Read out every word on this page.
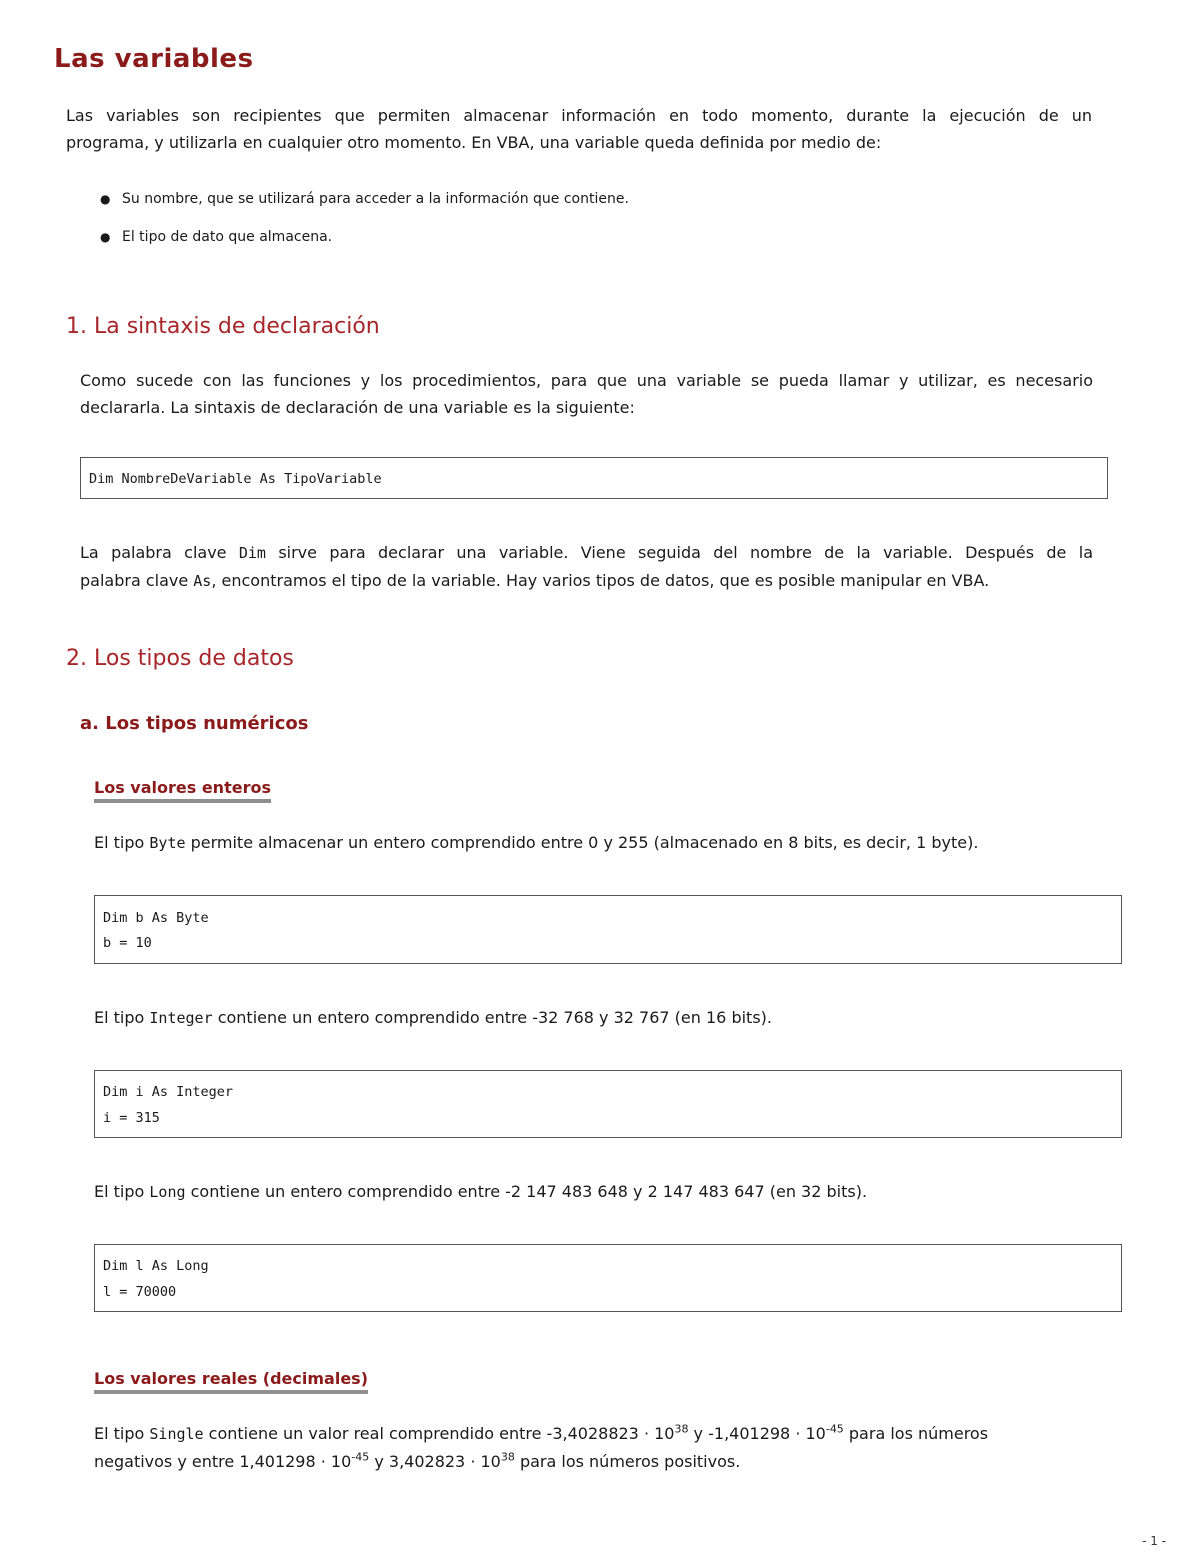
Las variables

Las variables son recipientes que permiten almacenar información en todo momento, durante la ejecución de un

programa, y utilizarla en cualquier otro momento. En VBA, una variable queda definida por medio de:

● Su nombre, que se utilizará para acceder a la información que contiene.
● El tipo de dato que almacena.
1. La sintaxis de declaración

Como sucede con las funciones y los procedimientos, para que una variable se pueda llamar y utilizar, es necesario

declararla. La sintaxis de declaración de una variable es la siguiente:

Dim NombreDeVariable As TipoVariable

La palabra clave Dim sirve para declarar una variable. Viene seguida del nombre de la variable. Después de la

palabra clave As, encontramos el tipo de la variable. Hay varios tipos de datos, que es posible manipular en VBA.

2. Los tipos de datos
a. Los tipos numéricos
Los valores enteros

El tipo Byte permite almacenar un entero comprendido entre 0 y 255 (almacenado en 8 bits, es decir, 1 byte).

Dim b As Byte
b = 10

El tipo Integer contiene un entero comprendido entre -32 768 y 32 767 (en 16 bits).

Dim i As Integer
i = 315

El tipo Long contiene un entero comprendido entre -2 147 483 648 y 2 147 483 647 (en 32 bits).

Dim l As Long
l = 70000
Los valores reales (decimales)

El tipo Single contiene un valor real comprendido entre $-3,4028823 \cdot 10^{38}$ y $-1,401298 \cdot 10^{-45}$ para los números

negativos y entre $1,401298 \cdot 10^{-45}$ y $3,402823 \cdot 10^{38}$ para los números positivos.

- 1 -
